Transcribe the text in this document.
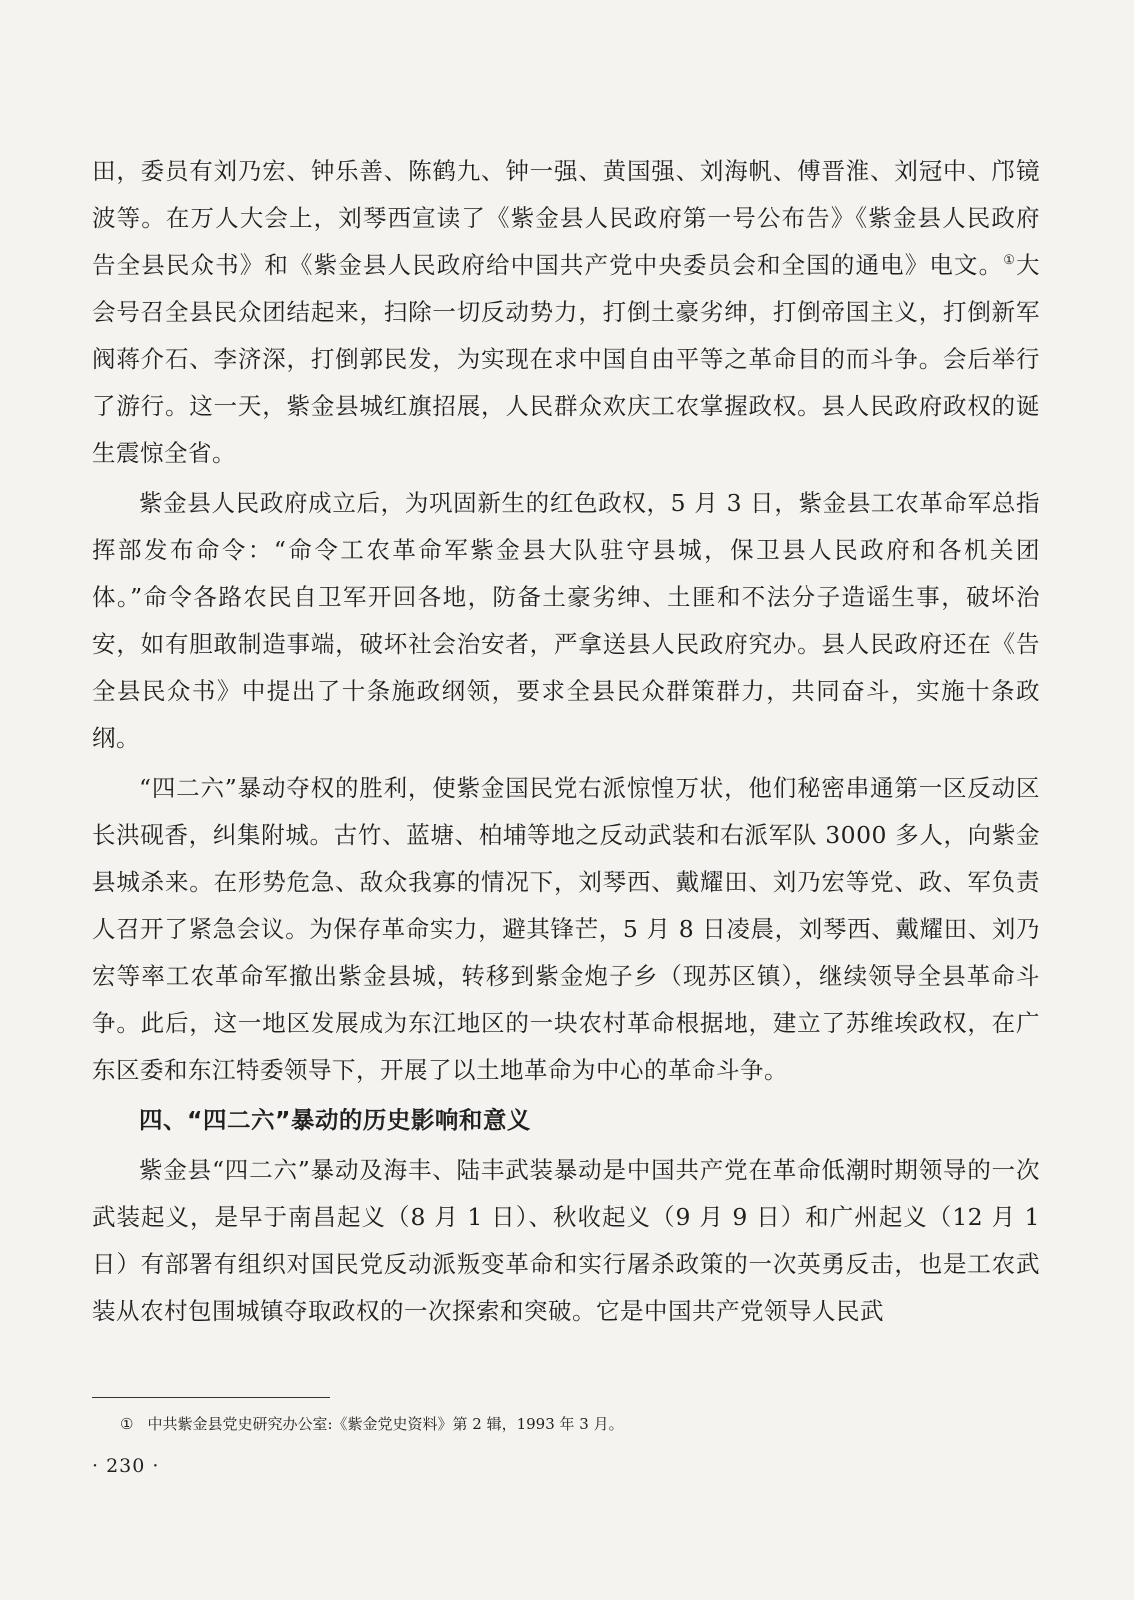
田，委员有刘乃宏、钟乐善、陈鹤九、钟一强、黄国强、刘海帆、傅晋淮、刘冠中、邝镜波等。在万人大会上，刘琴西宣读了《紫金县人民政府第一号公布告》《紫金县人民政府告全县民众书》和《紫金县人民政府给中国共产党中央委员会和全国的通电》电文。①大会号召全县民众团结起来，扫除一切反动势力，打倒土豪劣绅，打倒帝国主义，打倒新军阀蒋介石、李济深，打倒郭民发，为实现在求中国自由平等之革命目的而斗争。会后举行了游行。这一天，紫金县城红旗招展，人民群众欢庆工农掌握政权。县人民政府政权的诞生震惊全省。

紫金县人民政府成立后，为巩固新生的红色政权，5 月 3 日，紫金县工农革命军总指挥部发布命令：“命令工农革命军紫金县大队驻守县城，保卫县人民政府和各机关团体。”命令各路农民自卫军开回各地，防备土豪劣绅、土匪和不法分子造谣生事，破坏治安，如有胆敢制造事端，破坏社会治安者，严拿送县人民政府究办。县人民政府还在《告全县民众书》中提出了十条施政纲领，要求全县民众群策群力，共同奋斗，实施十条政纲。

“四二六”暴动夺权的胜利，使紫金国民党右派惊惶万状，他们秘密串通第一区反动区长洪砚香，纠集附城。古竹、蓝塘、柏埔等地之反动武装和右派军队 3000 多人，向紫金县城杀来。在形势危急、敌众我寡的情况下，刘琴西、戴耀田、刘乃宏等党、政、军负责人召开了紧急会议。为保存革命实力，避其锋芒，5 月 8 日凌晨，刘琴西、戴耀田、刘乃宏等率工农革命军撤出紫金县城，转移到紫金炮子乡（现苏区镇），继续领导全县革命斗争。此后，这一地区发展成为东江地区的一块农村革命根据地，建立了苏维埃政权，在广东区委和东江特委领导下，开展了以土地革命为中心的革命斗争。

四、“四二六”暴动的历史影响和意义

紫金县“四二六”暴动及海丰、陆丰武装暴动是中国共产党在革命低潮时期领导的一次武装起义，是早于南昌起义（8 月 1 日）、秋收起义（9 月 9 日）和广州起义（12 月 1 日）有部署有组织对国民党反动派叛变革命和实行屠杀政策的一次英勇反击，也是工农武装从农村包围城镇夺取政权的一次探索和突破。它是中国共产党领导人民武

① 中共紫金县党史研究办公室:《紫金党史资料》第 2 辑，1993 年 3 月。
· 230 ·
